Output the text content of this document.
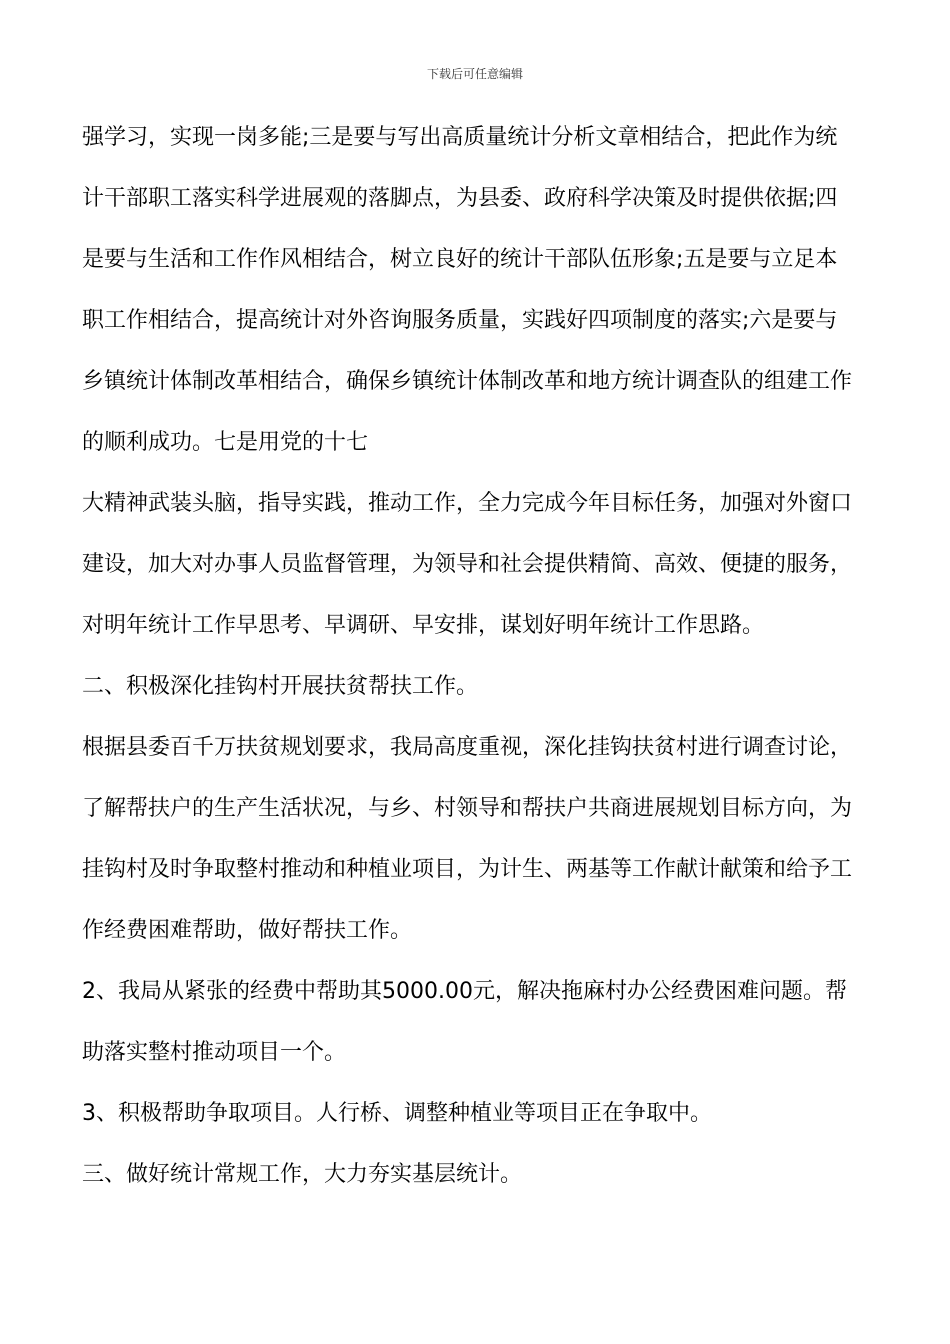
下载后可任意编辑
强学习，实现一岗多能;三是要与写出高质量统计分析文章相结合，把此作为统
计干部职工落实科学进展观的落脚点，为县委、政府科学决策及时提供依据;四
是要与生活和工作作风相结合，树立良好的统计干部队伍形象;五是要与立足本
职工作相结合，提高统计对外咨询服务质量，实践好四项制度的落实;六是要与
乡镇统计体制改革相结合，确保乡镇统计体制改革和地方统计调查队的组建工作
的顺利成功。七是用党的十七
大精神武装头脑，指导实践，推动工作，全力完成今年目标任务，加强对外窗口
建设，加大对办事人员监督管理，为领导和社会提供精简、高效、便捷的服务，
对明年统计工作早思考、早调研、早安排，谋划好明年统计工作思路。
二、积极深化挂钩村开展扶贫帮扶工作。
根据县委百千万扶贫规划要求，我局高度重视，深化挂钩扶贫村进行调查讨论，
了解帮扶户的生产生活状况，与乡、村领导和帮扶户共商进展规划目标方向，为
挂钩村及时争取整村推动和种植业项目，为计生、两基等工作献计献策和给予工
作经费困难帮助，做好帮扶工作。
2、我局从紧张的经费中帮助其5000.00元，解决拖麻村办公经费困难问题。帮
助落实整村推动项目一个。
3、积极帮助争取项目。人行桥、调整种植业等项目正在争取中。
三、做好统计常规工作，大力夯实基层统计。
